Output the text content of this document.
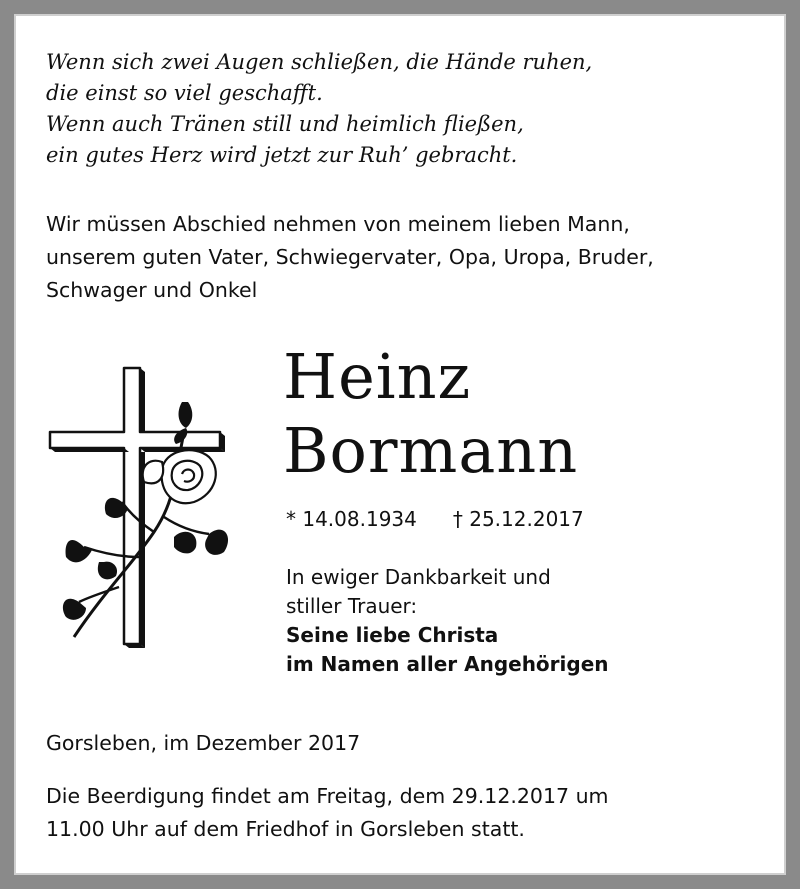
Wenn sich zwei Augen schließen, die Hände ruhen,
die einst so viel geschafft.
Wenn auch Tränen still und heimlich fließen,
ein gutes Herz wird jetzt zur Ruh’ gebracht.
Wir müssen Abschied nehmen von meinem lieben Mann,
unserem guten Vater, Schwiegervater, Opa, Uropa, Bruder,
Schwager und Onkel
Heinz
Bormann
* 14.08.1934 † 25.12.2017
In ewiger Dankbarkeit und
stiller Trauer:
Seine liebe Christa
im Namen aller Angehörigen
Gorsleben, im Dezember 2017
Die Beerdigung findet am Freitag, dem 29.12.2017 um
11.00 Uhr auf dem Friedhof in Gorsleben statt.
